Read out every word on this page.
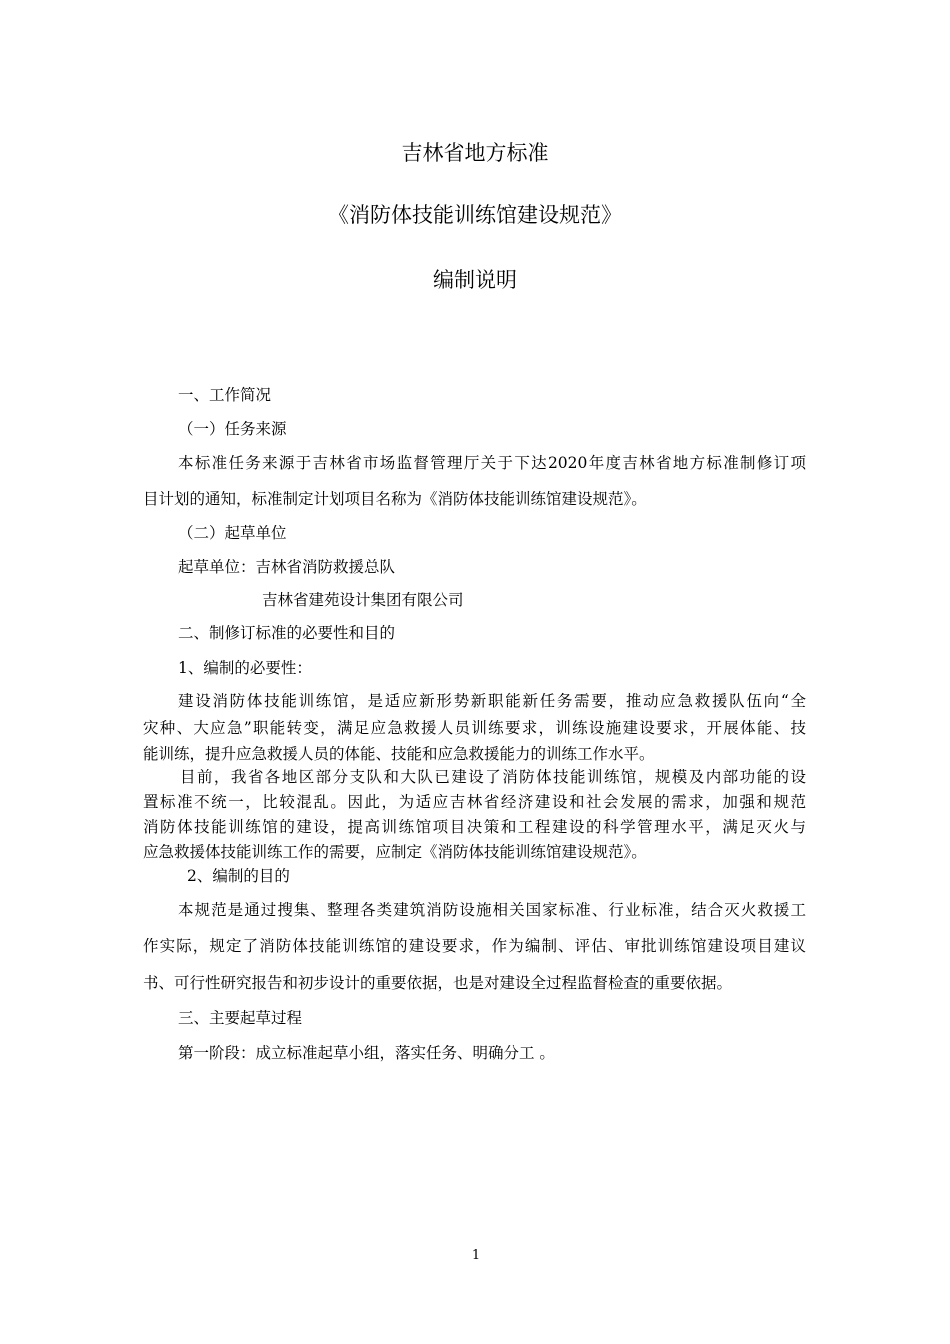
吉林省地方标准
《消防体技能训练馆建设规范》
编制说明
一、工作简况
（一）任务来源
本标准任务来源于吉林省市场监督管理厅关于下达2020年度吉林省地方标准制修订项
目计划的通知，标准制定计划项目名称为《消防体技能训练馆建设规范》。
（二）起草单位
起草单位：吉林省消防救援总队
吉林省建苑设计集团有限公司
二、制修订标准的必要性和目的
1、编制的必要性：
建设消防体技能训练馆，是适应新形势新职能新任务需要，推动应急救援队伍向“全
灾种、大应急”职能转变，满足应急救援人员训练要求，训练设施建设要求，开展体能、技
能训练，提升应急救援人员的体能、技能和应急救援能力的训练工作水平。
目前，我省各地区部分支队和大队已建设了消防体技能训练馆，规模及内部功能的设
置标准不统一，比较混乱。因此，为适应吉林省经济建设和社会发展的需求，加强和规范
消防体技能训练馆的建设，提高训练馆项目决策和工程建设的科学管理水平，满足灭火与
应急救援体技能训练工作的需要，应制定《消防体技能训练馆建设规范》。
2、编制的目的
本规范是通过搜集、整理各类建筑消防设施相关国家标准、行业标准，结合灭火救援工
作实际，规定了消防体技能训练馆的建设要求，作为编制、评估、审批训练馆建设项目建议
书、可行性研究报告和初步设计的重要依据，也是对建设全过程监督检查的重要依据。
三、主要起草过程
第一阶段：成立标准起草小组，落实任务、明确分工 。
1
